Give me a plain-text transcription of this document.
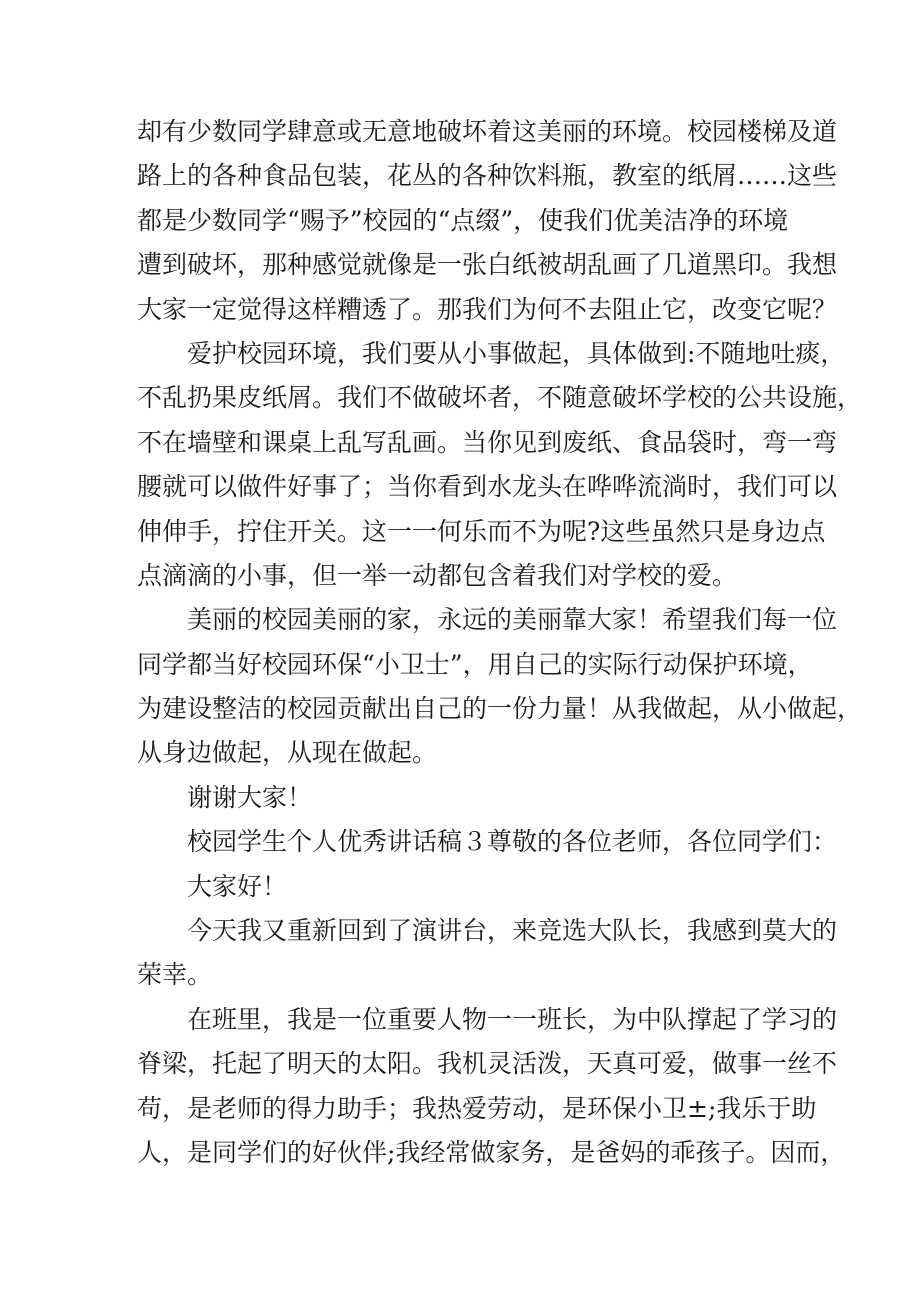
却有少数同学肆意或无意地破坏着这美丽的环境。校园楼梯及道
路上的各种食品包装，花丛的各种饮料瓶，教室的纸屑……这些
都是少数同学“赐予”校园的“点缀”，使我们优美洁净的环境
遭到破坏，那种感觉就像是一张白纸被胡乱画了几道黑印。我想
大家一定觉得这样糟透了。那我们为何不去阻止它，改变它呢？
爱护校园环境，我们要从小事做起，具体做到:不随地吐痰，
不乱扔果皮纸屑。我们不做破坏者，不随意破坏学校的公共设施，
不在墙壁和课桌上乱写乱画。当你见到废纸、食品袋时，弯一弯
腰就可以做件好事了；当你看到水龙头在哗哗流淌时，我们可以
伸伸手，拧住开关。这一一何乐而不为呢?这些虽然只是身边点
点滴滴的小事，但一举一动都包含着我们对学校的爱。
美丽的校园美丽的家，永远的美丽靠大家！希望我们每一位
同学都当好校园环保“小卫士”，用自己的实际行动保护环境，
为建设整洁的校园贡献出自己的一份力量！从我做起，从小做起，
从身边做起，从现在做起。
谢谢大家！
校园学生个人优秀讲话稿３尊敬的各位老师，各位同学们：
大家好！
今天我又重新回到了演讲台，来竞选大队长，我感到莫大的
荣幸。
在班里，我是一位重要人物一一班长，为中队撑起了学习的
脊梁，托起了明天的太阳。我机灵活泼，天真可爱，做事一丝不
苟，是老师的得力助手；我热爱劳动，是环保小卫±;我乐于助
人，是同学们的好伙伴;我经常做家务，是爸妈的乖孩子。因而，
